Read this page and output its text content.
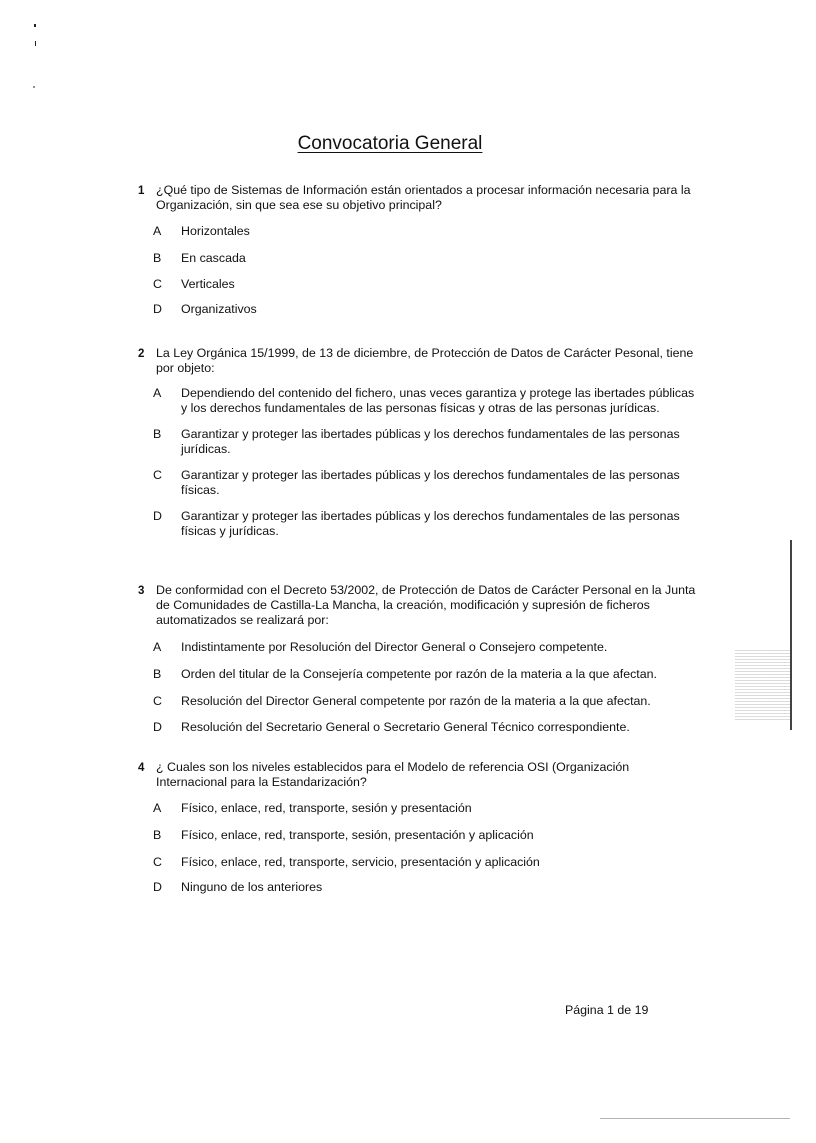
Convocatoria General
1 ¿Qué tipo de Sistemas de Información están orientados a procesar información necesaria para la Organización, sin que sea ese su objetivo principal?
A	Horizontales
B	En cascada
C	Verticales
D	Organizativos
2 La Ley Orgánica 15/1999, de 13 de diciembre, de Protección de Datos de Carácter Pesonal, tiene por objeto:
A	Dependiendo del contenido del fichero, unas veces garantiza y protege las ibertades públicas y los derechos fundamentales de las personas físicas y otras de las personas jurídicas.
B	Garantizar y proteger las ibertades públicas y los derechos fundamentales de las personas jurídicas.
C	Garantizar y proteger las ibertades públicas y los derechos fundamentales de las personas físicas.
D	Garantizar y proteger las ibertades públicas y los derechos fundamentales de las personas físicas y jurídicas.
3 De conformidad con el Decreto 53/2002, de Protección de Datos de Carácter Personal en la Junta de Comunidades de Castilla-La Mancha, la creación, modificación y supresión de ficheros automatizados se realizará por:
A	Indistintamente por Resolución del Director General o Consejero competente.
B	Orden del titular de la Consejería competente por razón de la materia a la que afectan.
C	Resolución del Director General competente por razón de la materia a la que afectan.
D	Resolución del Secretario General o Secretario General Técnico correspondiente.
4 ¿ Cuales son los niveles establecidos para el Modelo de referencia OSI (Organización Internacional para la Estandarización?
A	Físico, enlace, red, transporte, sesión y presentación
B	Físico, enlace, red, transporte, sesión, presentación y aplicación
C	Físico, enlace, red, transporte, servicio, presentación y aplicación
D	Ninguno de los anteriores
Página 1 de 19
